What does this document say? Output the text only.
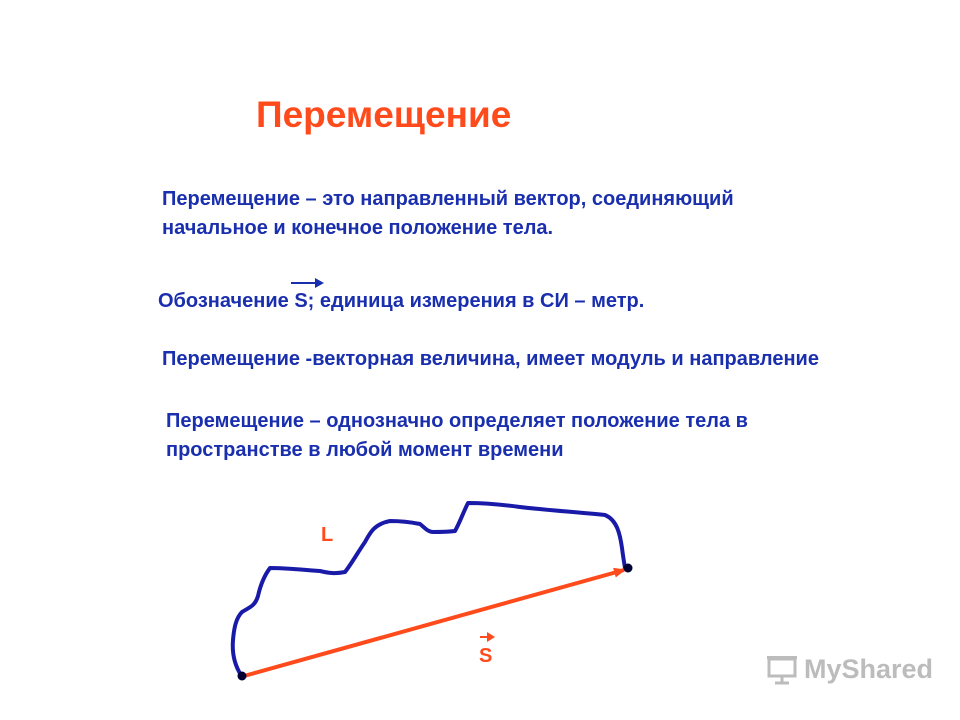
Перемещение
Перемещение – это направленный вектор, соединяющий
начальное и конечное положение тела.
Обозначение S; единица измерения в СИ – метр.
Перемещение -векторная величина, имеет модуль и направление
Перемещение – однозначно определяет положение тела в
пространстве в любой момент времени
L
S	MyShared
